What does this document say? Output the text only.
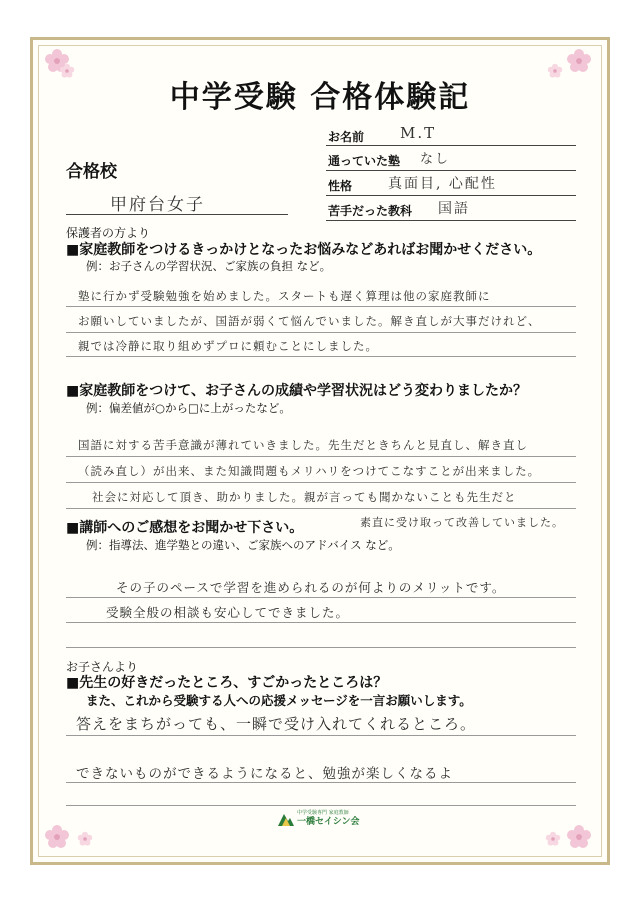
中学受験 合格体験記
お名前 M.T
通っていた塾 なし
性格	真面目, 心配性
苦手だった教科 国語
合格校
甲府台女子
保護者の方より
■家庭教師をつけるきっかけとなったお悩みなどあればお聞かせください。
例：お子さんの学習状況、ご家族の負担 など。
塾に行かず受験勉強を始めました。スタートも遅く算理は他の家庭教師に
お願いしていましたが、国語が弱くて悩んでいました。解き直しが大事だけれど、
親では冷静に取り組めずプロに頼むことにしました。
■家庭教師をつけて、お子さんの成績や学習状況はどう変わりましたか？
例：偏差値が○から□に上がったなど。
国語に対する苦手意識が薄れていきました。先生だときちんと見直し、解き直し
（読み直し）が出来、また知識問題もメリハリをつけてこなすことが出来ました。
社会に対応して頂き、助かりました。親が言っても聞かないことも先生だと
■講師へのご感想をお聞かせ下さい。	素直に受け取って改善していました。
例：指導法、進学塾との違い、ご家族へのアドバイス など。
その子のペースで学習を進められるのが何よりのメリットです。
受験全般の相談も安心してできました。
お子さんより
■先生の好きだったところ、すごかったところは？
また、これから受験する人への応援メッセージを一言お願いします。
答えをまちがっても、一瞬で受け入れてくれるところ。
できないものができるようになると、勉強が楽しくなるよ
中学受験専門 家庭教師
一橋セイシン会
